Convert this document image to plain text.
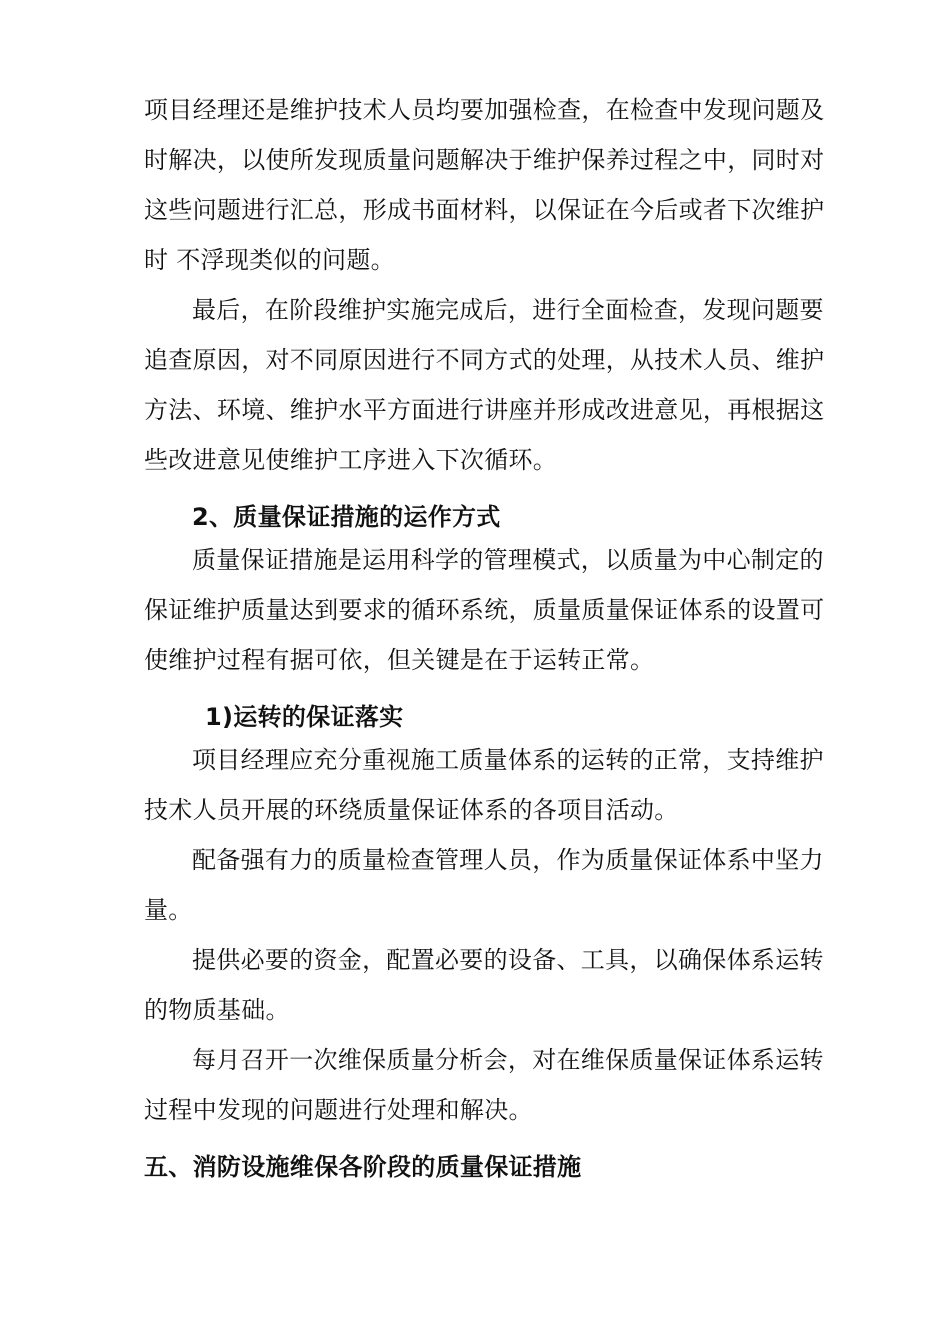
项目经理还是维护技术人员均要加强检查，在检查中发现问题及
时解决，以使所发现质量问题解决于维护保养过程之中，同时对
这些问题进行汇总，形成书面材料，以保证在今后或者下次维护
时 不浮现类似的问题。
最后，在阶段维护实施完成后，进行全面检查，发现问题要
追查原因，对不同原因进行不同方式的处理，从技术人员、维护
方法、环境、维护水平方面进行讲座并形成改进意见，再根据这
些改进意见使维护工序进入下次循环。
2、质量保证措施的运作方式
质量保证措施是运用科学的管理模式，以质量为中心制定的
保证维护质量达到要求的循环系统，质量质量保证体系的设置可
使维护过程有据可依，但关键是在于运转正常。
1)运转的保证落实
项目经理应充分重视施工质量体系的运转的正常，支持维护
技术人员开展的环绕质量保证体系的各项目活动。
配备强有力的质量检查管理人员，作为质量保证体系中坚力
量。
提供必要的资金，配置必要的设备、工具，以确保体系运转
的物质基础。
每月召开一次维保质量分析会，对在维保质量保证体系运转
过程中发现的问题进行处理和解决。
五、消防设施维保各阶段的质量保证措施
